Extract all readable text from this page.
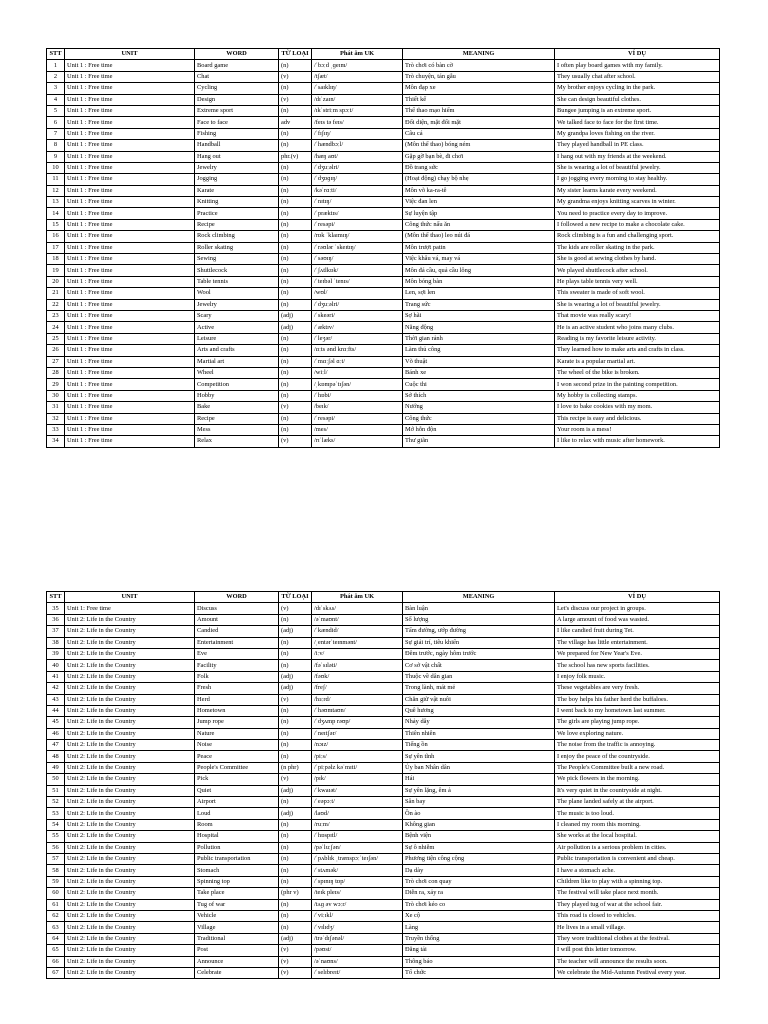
STT	UNIT	WORD	TỪ LOẠI	Phát âm UK	MEANING	VÍ DỤ
1	Unit 1 : Free time	Board game	(n)	/ˈbɔːd ˌɡeɪm/	Trò chơi có bàn cờ	I often play board games with my family.
2	Unit 1 : Free time	Chat	(v)	/tʃæt/	Trò chuyện, tán gẫu	They usually chat after school.
3	Unit 1 : Free time	Cycling	(n)	/ˈsaɪklɪŋ/	Môn đạp xe	My brother enjoys cycling in the park.
4	Unit 1 : Free time	Design	(v)	/dɪˈzaɪn/	Thiết kế	She can design beautiful clothes.
5	Unit 1 : Free time	Extreme sport	(n)	/ɪkˈstriːm spɔːt/	Thể thao mạo hiểm	Bungee jumping is an extreme sport.
6	Unit 1 : Free time	Face to face	adv	/feɪs tə feɪs/	Đối diện, mặt đối mặt	We talked face to face for the first time.
7	Unit 1 : Free time	Fishing	(n)	/ˈfɪʃɪŋ/	Câu cá	My grandpa loves fishing on the river.
8	Unit 1 : Free time	Handball	(n)	/ˈhændbɔːl/	(Môn thể thao) bóng ném	They played handball in PE class.
9	Unit 1 : Free time	Hang out	phr.(v)	/hæŋ aʊt/	Gặp gỡ bạn bè, đi chơi	I hang out with my friends at the weekend.
10	Unit 1 : Free time	Jewelry	(n)	/ˈdʒuːəlri/	Đồ trang sức	She is wearing a lot of beautiful jewelry.
11	Unit 1 : Free time	Jogging	(n)	/ˈdʒɒɡɪŋ/	(Hoạt động) chạy bộ nhẹ	I go jogging every morning to stay healthy.
12	Unit 1 : Free time	Karate	(n)	/kəˈrɑːti/	Môn võ ka-ra-tê	My sister learns karate every weekend.
13	Unit 1 : Free time	Knitting	(n)	/ˈnɪtɪŋ/	Việc đan len	My grandma enjoys knitting scarves in winter.
14	Unit 1 : Free time	Practice	(n)	/ˈpræktɪs/	Sự luyện tập	You need to practice every day to improve.
15	Unit 1 : Free time	Recipe	(n)	/ˈresəpi/	Công thức nấu ăn	I followed a new recipe to make a chocolate cake.
16	Unit 1 : Free time	Rock climbing	(n)	/rɒk ˈklaɪmɪŋ/	(Môn thể thao) leo núi đá	Rock climbing is a fun and challenging sport.
17	Unit 1 : Free time	Roller skating	(n)	/ˈrəʊlər ˈskeɪtɪŋ/	Môn trượt patin	The kids are roller skating in the park.
18	Unit 1 : Free time	Sewing	(n)	/ˈsəʊɪŋ/	Việc khâu vá, may vá	She is good at sewing clothes by hand.
19	Unit 1 : Free time	Shuttlecock	(n)	/ˈʃʌtlkɒk/	Môn đá cầu, quả cầu lông	We played shuttlecock after school.
20	Unit 1 : Free time	Table tennis	(n)	/ˈteɪbəl ˈtenɪs/	Môn bóng bàn	He plays table tennis very well.
21	Unit 1 : Free time	Wool	(n)	/wʊl/	Len, sợi len	This sweater is made of soft wool.
22	Unit 1 : Free time	Jewelry	(n)	/ˈdʒuːəlri/	Trang sức	She is wearing a lot of beautiful jewelry.
23	Unit 1 : Free time	Scary	(adj)	/ˈskeəri/	Sợ hãi	That movie was really scary!
24	Unit 1 : Free time	Active	(adj)	/ˈæktɪv/	Năng động	He is an active student who joins many clubs.
25	Unit 1 : Free time	Leisure	(n)	/ˈleʒər/	Thời gian rảnh	Reading is my favorite leisure activity.
26	Unit 1 : Free time	Arts and crafts	(n)	/ɑːts ənd krɑːfts/	Làm thủ công	They learned how to make arts and crafts in class.
27	Unit 1 : Free time	Martial art	(n)	/ˈmɑːʃəl ɑːt/	Võ thuật	Karate is a popular martial art.
28	Unit 1 : Free time	Wheel	(n)	/wiːl/	Bánh xe	The wheel of the bike is broken.
29	Unit 1 : Free time	Competition	(n)	/ˌkɒmpəˈtɪʃən/	Cuộc thi	I won second prize in the painting competition.
30	Unit 1 : Free time	Hobby	(n)	/ˈhɒbi/	Sở thích	My hobby is collecting stamps.
31	Unit 1 : Free time	Bake	(v)	/beɪk/	Nướng	I love to bake cookies with my mom.
32	Unit 1 : Free time	Recipe	(n)	/ˈresəpi/	Công thức	This recipe is easy and delicious.
33	Unit 1 : Free time	Mess	(n)	/mes/	Mớ hỗn độn	Your room is a mess!
34	Unit 1 : Free time	Relax	(v)	/rɪˈlæks/	Thư giãn	I like to relax with music after homework.
STT	UNIT	WORD	TỪ LOẠI	Phát âm UK	MEANING	VÍ DỤ
35	Unit 1: Free time	Discuss	(v)	/dɪˈskʌs/	Bàn luận	Let's discuss our project in groups.
36	Unit 2: Life in the Country	Amount	(n)	/əˈmaʊnt/	Số lượng	A large amount of food was wasted.
37	Unit 2: Life in the Country	Candied	(adj)	/ˈkændid/	Tẩm đường, ướp đường	I like candied fruit during Tet.
38	Unit 2: Life in the Country	Entertainment	(n)	/ˌentərˈteɪnmənt/	Sự giải trí, tiêu khiển	The village has little entertainment.
39	Unit 2: Life in the Country	Eve	(n)	/iːv/	Đêm trước, ngày hôm trước	We prepared for New Year's Eve.
40	Unit 2: Life in the Country	Facility	(n)	/fəˈsɪləti/	Cơ sở vật chất	The school has new sports facilities.
41	Unit 2: Life in the Country	Folk	(adj)	/fəʊk/	Thuộc về dân gian	I enjoy folk music.
42	Unit 2: Life in the Country	Fresh	(adj)	/freʃ/	Trong lành, mát mẻ	These vegetables are very fresh.
43	Unit 2: Life in the Country	Herd	(v)	/hɜːrd/	Chăn giữ vật nuôi	The boy helps his father herd the buffaloes.
44	Unit 2: Life in the Country	Hometown	(n)	/ˈhəʊmtaʊn/	Quê hương	I went back to my hometown last summer.
45	Unit 2: Life in the Country	Jump rope	(n)	/ˈdʒʌmp rəʊp/	Nhảy dây	The girls are playing jump rope.
46	Unit 2: Life in the Country	Nature	(n)	/ˈneɪtʃər/	Thiên nhiên	We love exploring nature.
47	Unit 2: Life in the Country	Noise	(n)	/nɔɪz/	Tiếng ồn	The noise from the traffic is annoying.
48	Unit 2: Life in the Country	Peace	(n)	/piːs/	Sự yên tĩnh	I enjoy the peace of the countryside.
49	Unit 2: Life in the Country	People's Committee	(n phr)	/ˈpiːpəlz kəˈmɪti/	Ủy ban Nhân dân	The People's Committee built a new road.
50	Unit 2: Life in the Country	Pick	(v)	/pɪk/	Hái	We pick flowers in the morning.
51	Unit 2: Life in the Country	Quiet	(adj)	/ˈkwaɪət/	Sự yên lặng, êm ả	It's very quiet in the countryside at night.
52	Unit 2: Life in the Country	Airport	(n)	/ˈeəpɔːt/	Sân bay	The plane landed safely at the airport.
53	Unit 2: Life in the Country	Loud	(adj)	/laʊd/	Ồn ào	The music is too loud.
54	Unit 2: Life in the Country	Room	(n)	/ruːm/	Không gian	I cleaned my room this morning.
55	Unit 2: Life in the Country	Hospital	(n)	/ˈhɒspɪtl/	Bệnh viện	She works at the local hospital.
56	Unit 2: Life in the Country	Pollution	(n)	/pəˈluːʃən/	Sự ô nhiễm	Air pollution is a serious problem in cities.
57	Unit 2: Life in the Country	Public transportation	(n)	/ˈpʌblɪk ˌtrænspɔːˈteɪʃən/	Phương tiện công cộng	Public transportation is convenient and cheap.
58	Unit 2: Life in the Country	Stomach	(n)	/ˈstʌmək/	Dạ dày	I have a stomach ache.
59	Unit 2: Life in the Country	Spinning top	(n)	/ˈspɪnɪŋ tɒp/	Trò chơi con quay	Children like to play with a spinning top.
60	Unit 2: Life in the Country	Take place	(phr v)	/teɪk pleɪs/	Diễn ra, xảy ra	The festival will take place next month.
61	Unit 2: Life in the Country	Tug of war	(n)	/tʌɡ əv wɔːr/	Trò chơi kéo co	They played tug of war at the school fair.
62	Unit 2: Life in the Country	Vehicle	(n)	/ˈviːɪkl/	Xe cộ	This road is closed to vehicles.
63	Unit 2: Life in the Country	Village	(n)	/ˈvɪlɪdʒ/	Làng	He lives in a small village.
64	Unit 2: Life in the Country	Traditional	(adj)	/trəˈdɪʃənəl/	Truyền thống	They wore traditional clothes at the festival.
65	Unit 2: Life in the Country	Post	(v)	/pəʊst/	Đăng tải	I will post this letter tomorrow.
66	Unit 2: Life in the Country	Announce	(v)	/əˈnaʊns/	Thông báo	The teacher will announce the results soon.
67	Unit 2: Life in the Country	Celebrate	(v)	/ˈselɪbreɪt/	Tổ chức	We celebrate the Mid-Autumn Festival every year.
